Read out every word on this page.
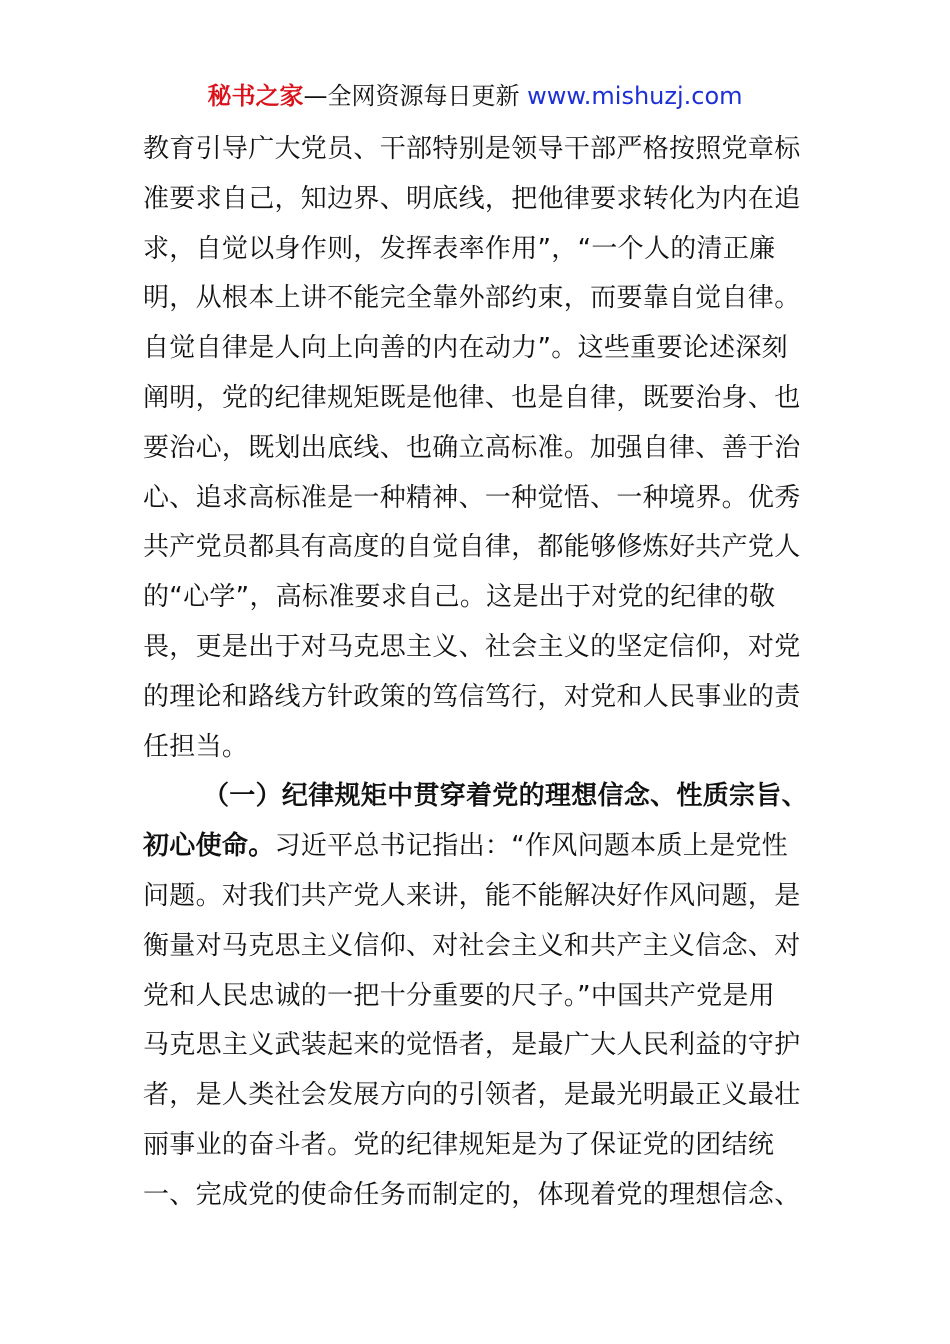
秘书之家—全网资源每日更新 www.mishuzj.com
教育引导广大党员、干部特别是领导干部严格按照党章标
准要求自己，知边界、明底线，把他律要求转化为内在追
求，自觉以身作则，发挥表率作用”，“一个人的清正廉
明，从根本上讲不能完全靠外部约束，而要靠自觉自律。
自觉自律是人向上向善的内在动力”。这些重要论述深刻
阐明，党的纪律规矩既是他律、也是自律，既要治身、也
要治心，既划出底线、也确立高标准。加强自律、善于治
心、追求高标准是一种精神、一种觉悟、一种境界。优秀
共产党员都具有高度的自觉自律，都能够修炼好共产党人
的“心学”，高标准要求自己。这是出于对党的纪律的敬
畏，更是出于对马克思主义、社会主义的坚定信仰，对党
的理论和路线方针政策的笃信笃行，对党和人民事业的责
任担当。
（一）纪律规矩中贯穿着党的理想信念、性质宗旨、
初心使命。习近平总书记指出：“作风问题本质上是党性
问题。对我们共产党人来讲，能不能解决好作风问题，是
衡量对马克思主义信仰、对社会主义和共产主义信念、对
党和人民忠诚的一把十分重要的尺子。”中国共产党是用
马克思主义武装起来的觉悟者，是最广大人民利益的守护
者，是人类社会发展方向的引领者，是最光明最正义最壮
丽事业的奋斗者。党的纪律规矩是为了保证党的团结统
一、完成党的使命任务而制定的，体现着党的理想信念、
